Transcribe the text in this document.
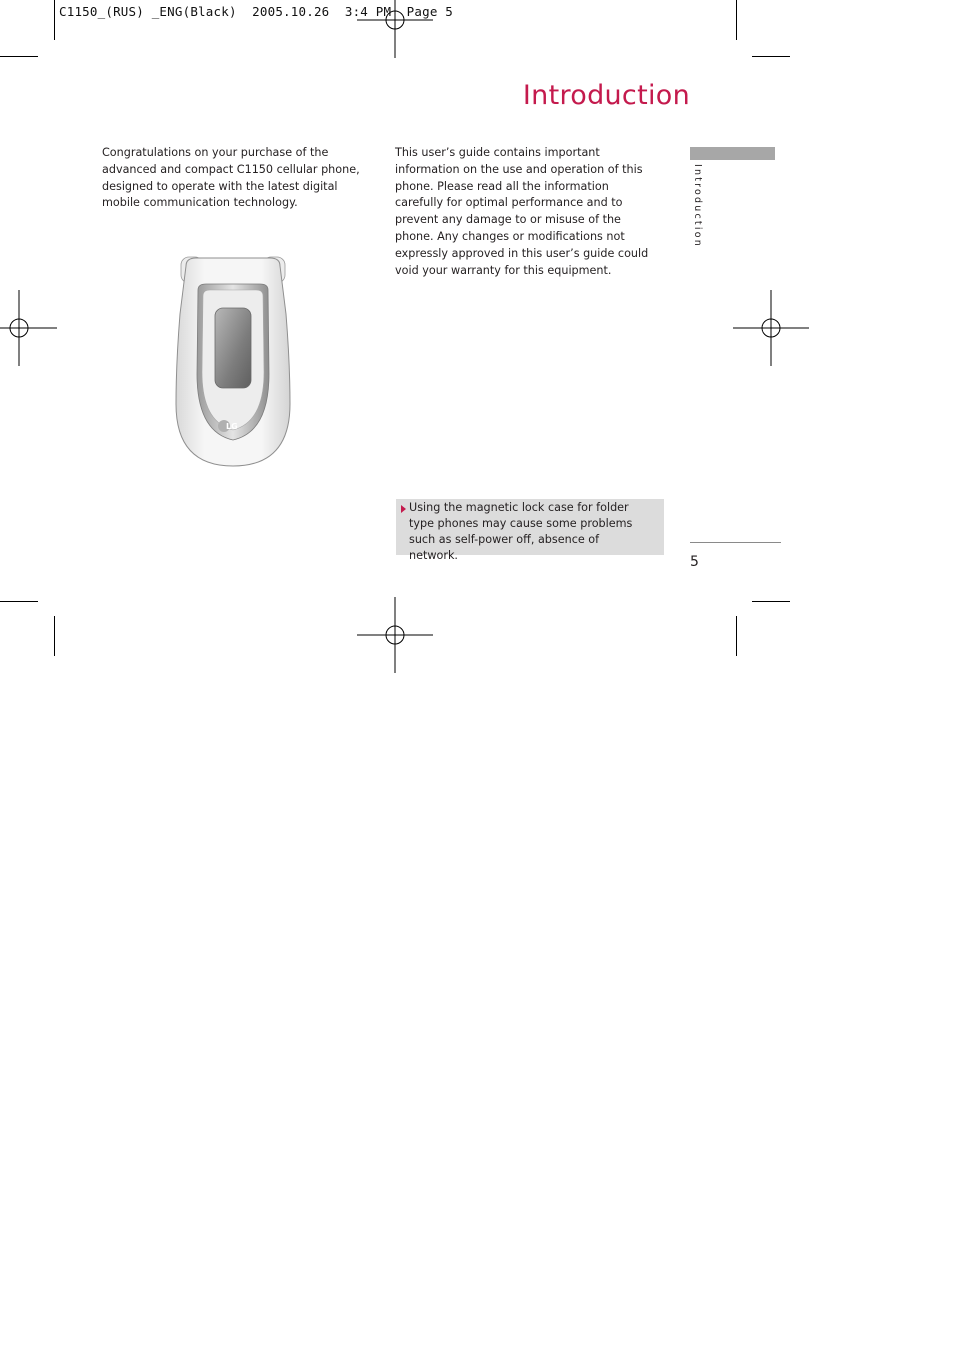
C1150_(RUS) _ENG(Black)  2005.10.26  3:4 PM  Page 5
Introduction
Introduction
Congratulations on your purchase of the advanced and compact C1150 cellular phone, designed to operate with the latest digital mobile communication technology.
This user’s guide contains important information on the use and operation of this phone. Please read all the information carefully for optimal performance and to prevent any damage to or misuse of the phone. Any changes or modifications not expressly approved in this user’s guide could void your warranty for this equipment.
LG
Using the magnetic lock case for folder type phones may cause some problems such as self-power off, absence of network.	5
